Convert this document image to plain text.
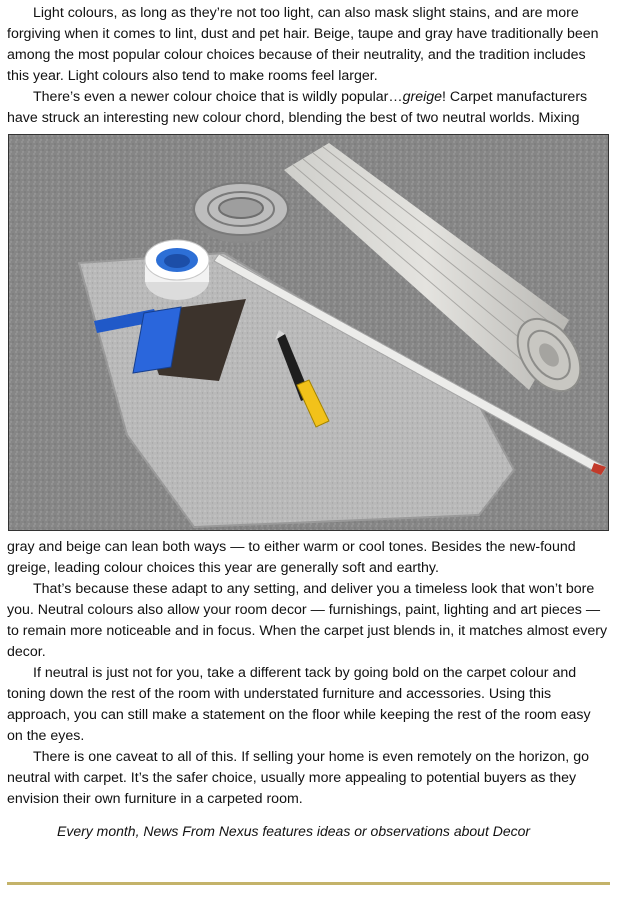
Light colours, as long as they’re not too light, can also mask slight stains, and are more forgiving when it comes to lint, dust and pet hair. Beige, taupe and gray have traditionally been among the most popular colour choices because of their neutrality, and the tradition includes this year. Light colours also tend to make rooms feel larger.

There’s even a newer colour choice that is wildly popular…greige! Carpet manufacturers have struck an interesting new colour chord, blending the best of two neutral worlds. Mixing

gray and beige can lean both ways — to either warm or cool tones. Besides the new-found greige, leading colour choices this year are generally soft and earthy.

That’s because these adapt to any setting, and deliver you a timeless look that won’t bore you. Neutral colours also allow your room decor — furnishings, paint, lighting and art pieces — to remain more noticeable and in focus. When the carpet just blends in, it matches almost every decor.

If neutral is just not for you, take a different tack by going bold on the carpet colour and toning down the rest of the room with understated furniture and accessories. Using this approach, you can still make a statement on the floor while keeping the rest of the room easy on the eyes.

There is one caveat to all of this. If selling your home is even remotely on the horizon, go neutral with carpet. It’s the safer choice, usually more appealing to potential buyers as they envision their own furniture in a carpeted room.

Every month, News From Nexus features ideas or observations about Decor
